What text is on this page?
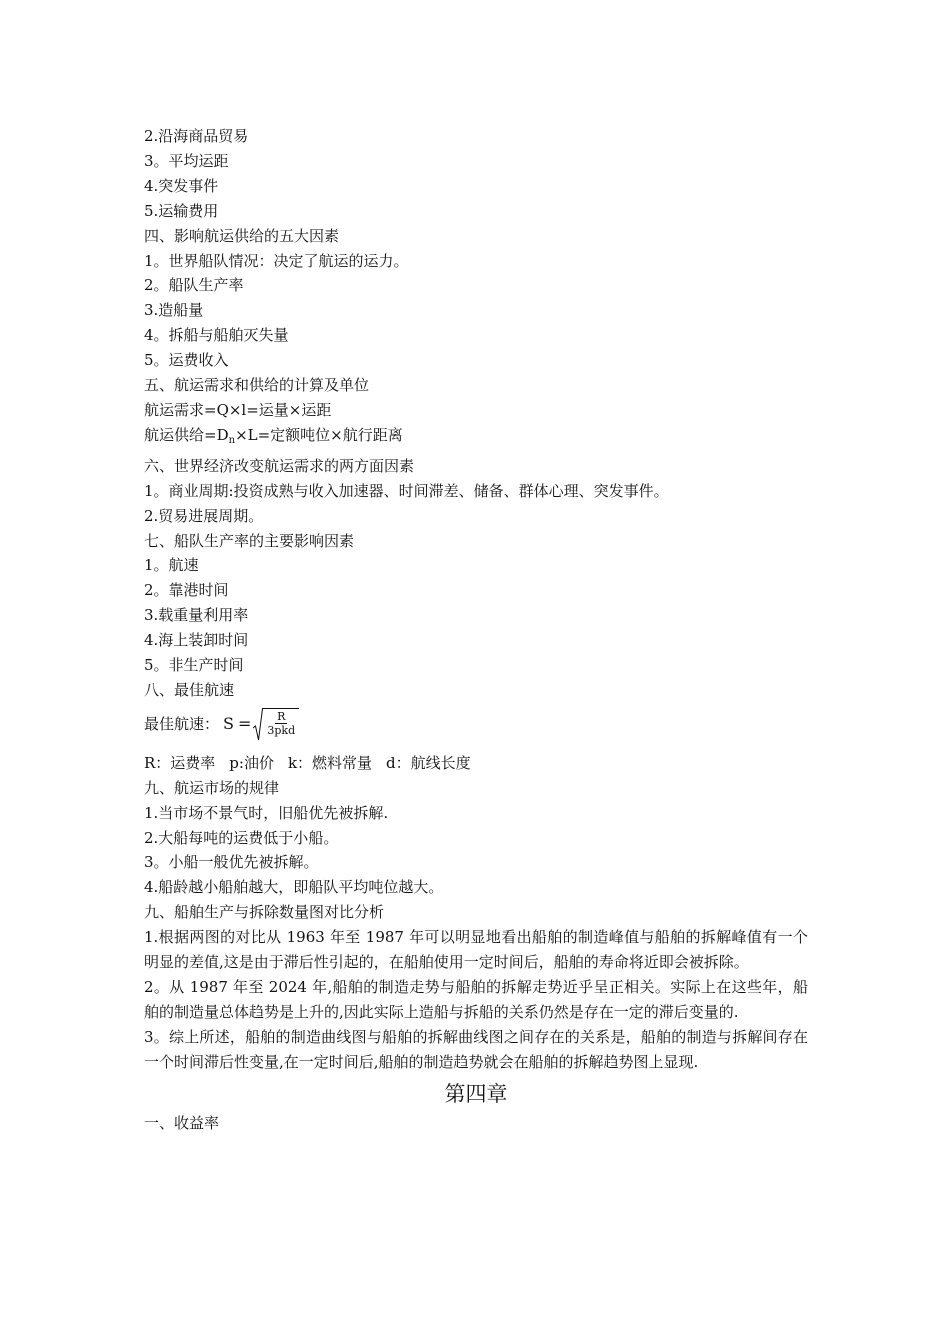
2.沿海商品贸易
3。平均运距
4.突发事件
5.运输费用
四、影响航运供给的五大因素
1。世界船队情况：决定了航运的运力。
2。船队生产率
3.造船量
4。拆船与船舶灭失量
5。运费收入
五、航运需求和供给的计算及单位
航运需求=Q×l=运量×运距
航运供给$=D_n\times L=$定额吨位×航行距离
六、世界经济改变航运需求的两方面因素
1。商业周期:投资成熟与收入加速器、时间滞差、储备、群体心理、突发事件。
2.贸易进展周期。
七、船队生产率的主要影响因素
1。航速
2。靠港时间
3.载重量利用率
4.海上装卸时间
5。非生产时间
八、最佳航速
最佳航速： $S = \frac{R}{\text{3pkd}}$
R：运费率 p:油价 k：燃料常量 d：航线长度
九、航运市场的规律
1.当市场不景气时，旧船优先被拆解.
2.大船每吨的运费低于小船。
3。小船一般优先被拆解。
4.船龄越小船舶越大，即船队平均吨位越大。
九、船舶生产与拆除数量图对比分析
1.根据两图的对比从 1963 年至 1987 年可以明显地看出船舶的制造峰值与船舶的拆解峰值有一个明显的差值,这是由于滞后性引起的，在船舶使用一定时间后，船舶的寿命将近即会被拆除。
2。从 1987 年至 2024 年,船舶的制造走势与船舶的拆解走势近乎呈正相关。实际上在这些年，船舶的制造量总体趋势是上升的,因此实际上造船与拆船的关系仍然是存在一定的滞后变量的.
3。综上所述，船舶的制造曲线图与船舶的拆解曲线图之间存在的关系是，船舶的制造与拆解间存在一个时间滞后性变量,在一定时间后,船舶的制造趋势就会在船舶的拆解趋势图上显现.
第四章
一、收益率
